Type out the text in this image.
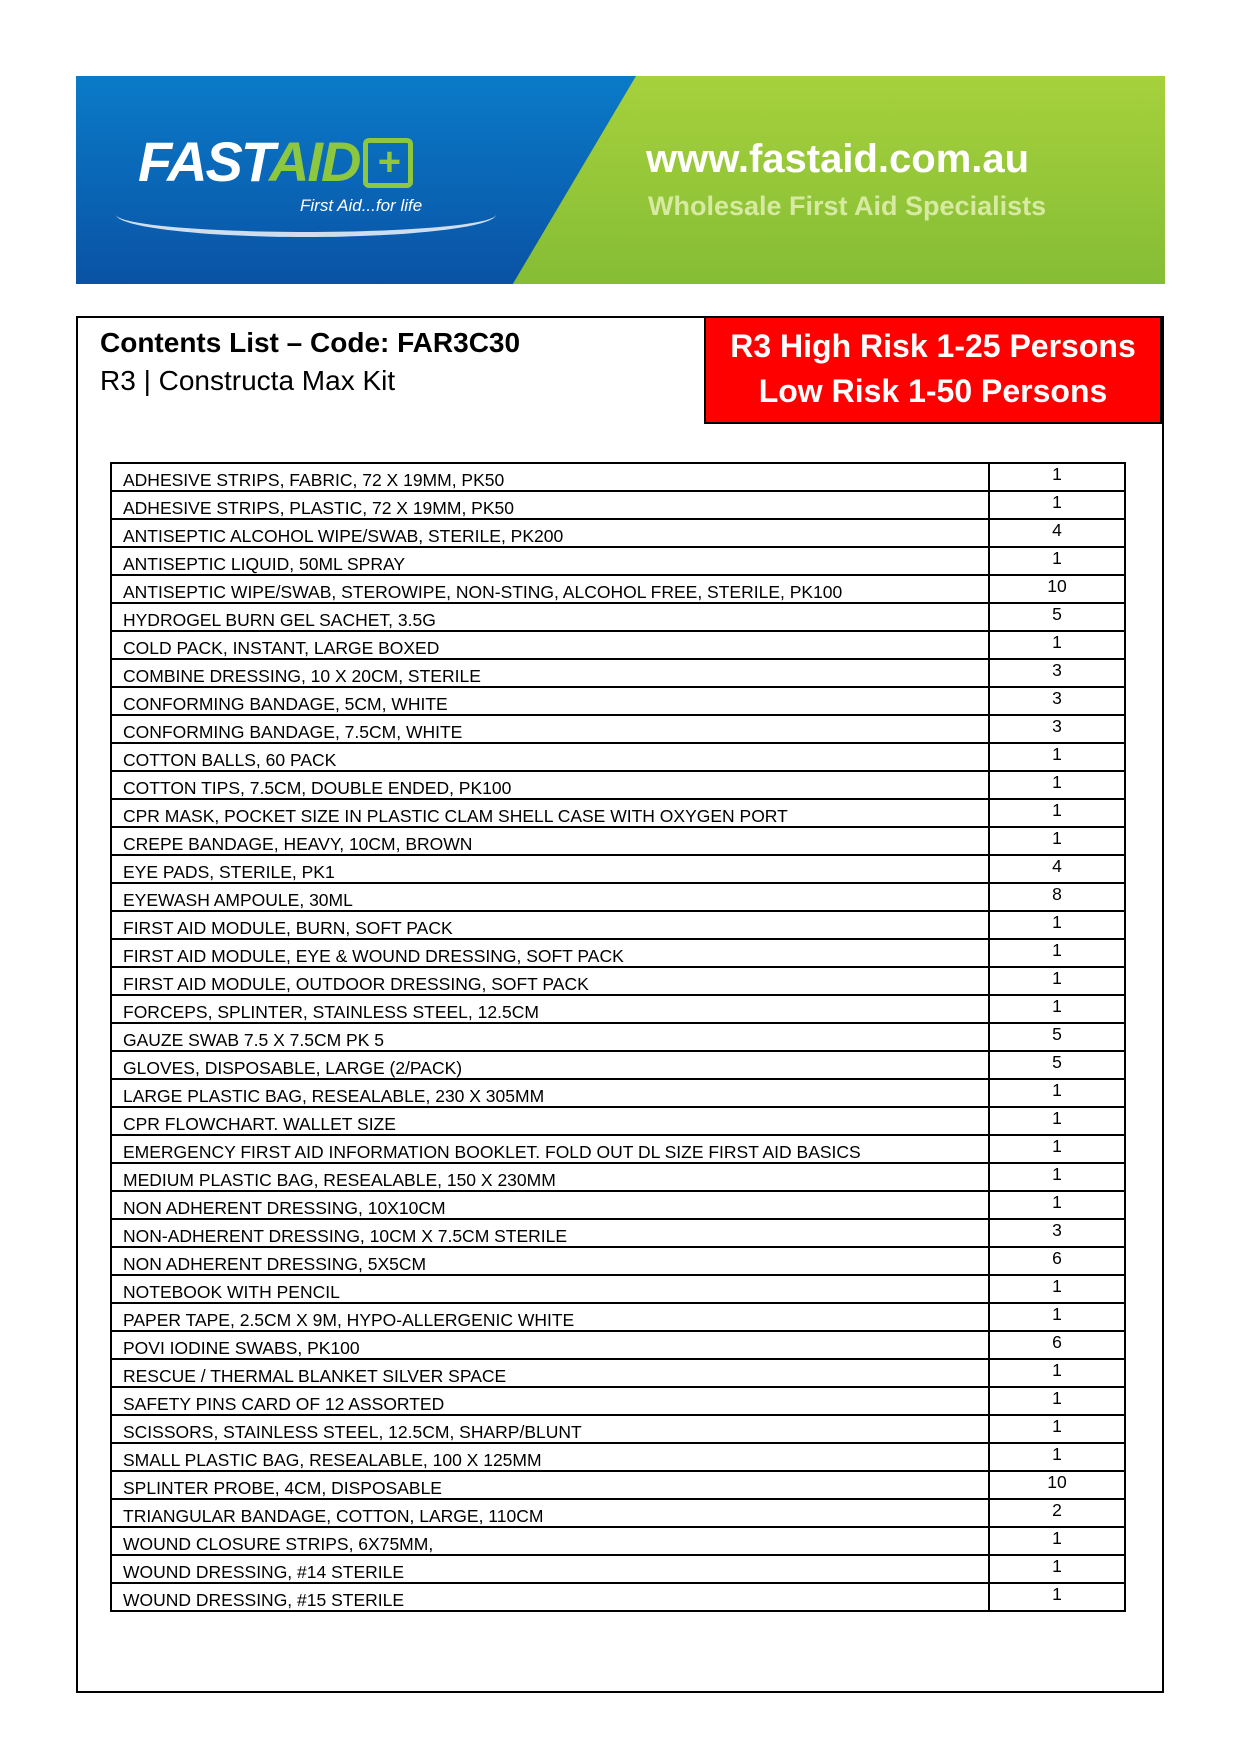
FASTAID +
First Aid...for life
www.fastaid.com.au
Wholesale First Aid Specialists
Contents List – Code: FAR3C30
R3 | Constructa Max Kit
R3 High Risk 1-25 Persons
Low Risk 1-50 Persons
ADHESIVE STRIPS, FABRIC, 72 X 19MM, PK50	1
ADHESIVE STRIPS, PLASTIC, 72 X 19MM, PK50	1
ANTISEPTIC ALCOHOL WIPE/SWAB, STERILE, PK200	4
ANTISEPTIC LIQUID, 50ML SPRAY	1
ANTISEPTIC WIPE/SWAB, STEROWIPE, NON-STING, ALCOHOL FREE, STERILE, PK100	10
HYDROGEL BURN GEL SACHET, 3.5G	5
COLD PACK, INSTANT, LARGE BOXED	1
COMBINE DRESSING, 10 X 20CM, STERILE	3
CONFORMING BANDAGE, 5CM, WHITE	3
CONFORMING BANDAGE, 7.5CM, WHITE	3
COTTON BALLS, 60 PACK	1
COTTON TIPS, 7.5CM, DOUBLE ENDED, PK100	1
CPR MASK, POCKET SIZE IN PLASTIC CLAM SHELL CASE WITH OXYGEN PORT	1
CREPE BANDAGE, HEAVY, 10CM, BROWN	1
EYE PADS, STERILE, PK1	4
EYEWASH AMPOULE, 30ML	8
FIRST AID MODULE, BURN, SOFT PACK	1
FIRST AID MODULE, EYE & WOUND DRESSING, SOFT PACK	1
FIRST AID MODULE, OUTDOOR DRESSING, SOFT PACK	1
FORCEPS, SPLINTER, STAINLESS STEEL, 12.5CM	1
GAUZE SWAB 7.5 X 7.5CM PK 5	5
GLOVES, DISPOSABLE, LARGE (2/PACK)	5
LARGE PLASTIC BAG, RESEALABLE, 230 X 305MM	1
CPR FLOWCHART. WALLET SIZE	1
EMERGENCY FIRST AID INFORMATION BOOKLET. FOLD OUT DL SIZE FIRST AID BASICS	1
MEDIUM PLASTIC BAG, RESEALABLE, 150 X 230MM	1
NON ADHERENT DRESSING, 10X10CM	1
NON-ADHERENT DRESSING, 10CM X 7.5CM STERILE	3
NON ADHERENT DRESSING, 5X5CM	6
NOTEBOOK WITH PENCIL	1
PAPER TAPE, 2.5CM X 9M, HYPO-ALLERGENIC WHITE	1
POVI IODINE SWABS, PK100	6
RESCUE / THERMAL BLANKET SILVER SPACE	1
SAFETY PINS CARD OF 12 ASSORTED	1
SCISSORS, STAINLESS STEEL, 12.5CM, SHARP/BLUNT	1
SMALL PLASTIC BAG, RESEALABLE, 100 X 125MM	1
SPLINTER PROBE, 4CM, DISPOSABLE	10
TRIANGULAR BANDAGE, COTTON, LARGE, 110CM	2
WOUND CLOSURE STRIPS, 6X75MM,	1
WOUND DRESSING, #14 STERILE	1
WOUND DRESSING, #15 STERILE	1
